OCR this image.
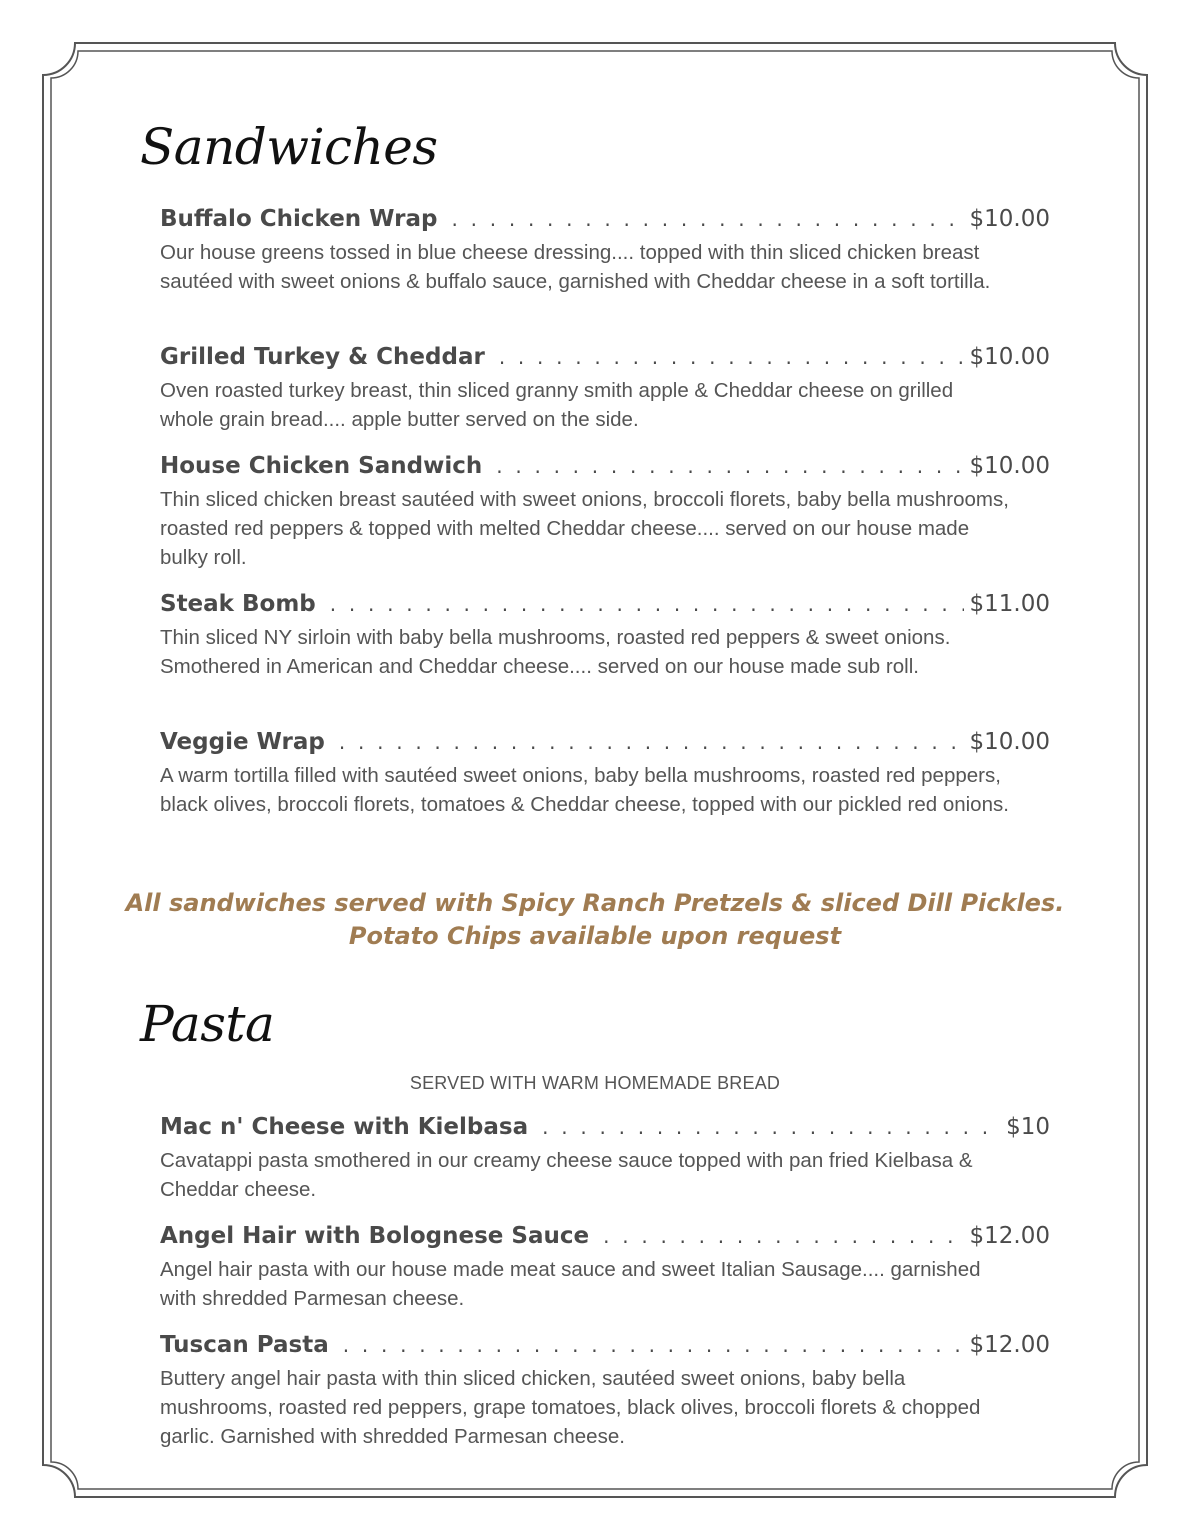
Sandwiches
Buffalo Chicken Wrap . . .	$10.00
Our house greens tossed in blue cheese dressing.... topped with thin sliced chicken breast sautéed with sweet onions & buffalo sauce, garnished with Cheddar cheese in a soft tortilla.
Grilled Turkey & Cheddar . . .	$10.00
Oven roasted turkey breast, thin sliced granny smith apple & Cheddar cheese on grilled whole grain bread.... apple butter served on the side.
House Chicken Sandwich . . .	$10.00
Thin sliced chicken breast sautéed with sweet onions, broccoli florets, baby bella mushrooms, roasted red peppers & topped with melted Cheddar cheese.... served on our house made bulky roll.
Steak Bomb . . .	$11.00
Thin sliced NY sirloin with baby bella mushrooms, roasted red peppers & sweet onions. Smothered in American and Cheddar cheese.... served on our house made sub roll.
Veggie Wrap . . .	$10.00
A warm tortilla filled with sautéed sweet onions, baby bella mushrooms, roasted red peppers, black olives, broccoli florets, tomatoes & Cheddar cheese, topped with our pickled red onions.

All sandwiches served with Spicy Ranch Pretzels & sliced Dill Pickles.

Potato Chips available upon request

Pasta

SERVED WITH WARM HOMEMADE BREAD

Mac n' Cheese with Kielbasa . . .	$10
Cavatappi pasta smothered in our creamy cheese sauce topped with pan fried Kielbasa & Cheddar cheese.
Angel Hair with Bolognese Sauce . . .	$12.00
Angel hair pasta with our house made meat sauce and sweet Italian Sausage.... garnished with shredded Parmesan cheese.
Tuscan Pasta . . .	$12.00
Buttery angel hair pasta with thin sliced chicken, sautéed sweet onions, baby bella mushrooms, roasted red peppers, grape tomatoes, black olives, broccoli florets & chopped garlic. Garnished with shredded Parmesan cheese.
